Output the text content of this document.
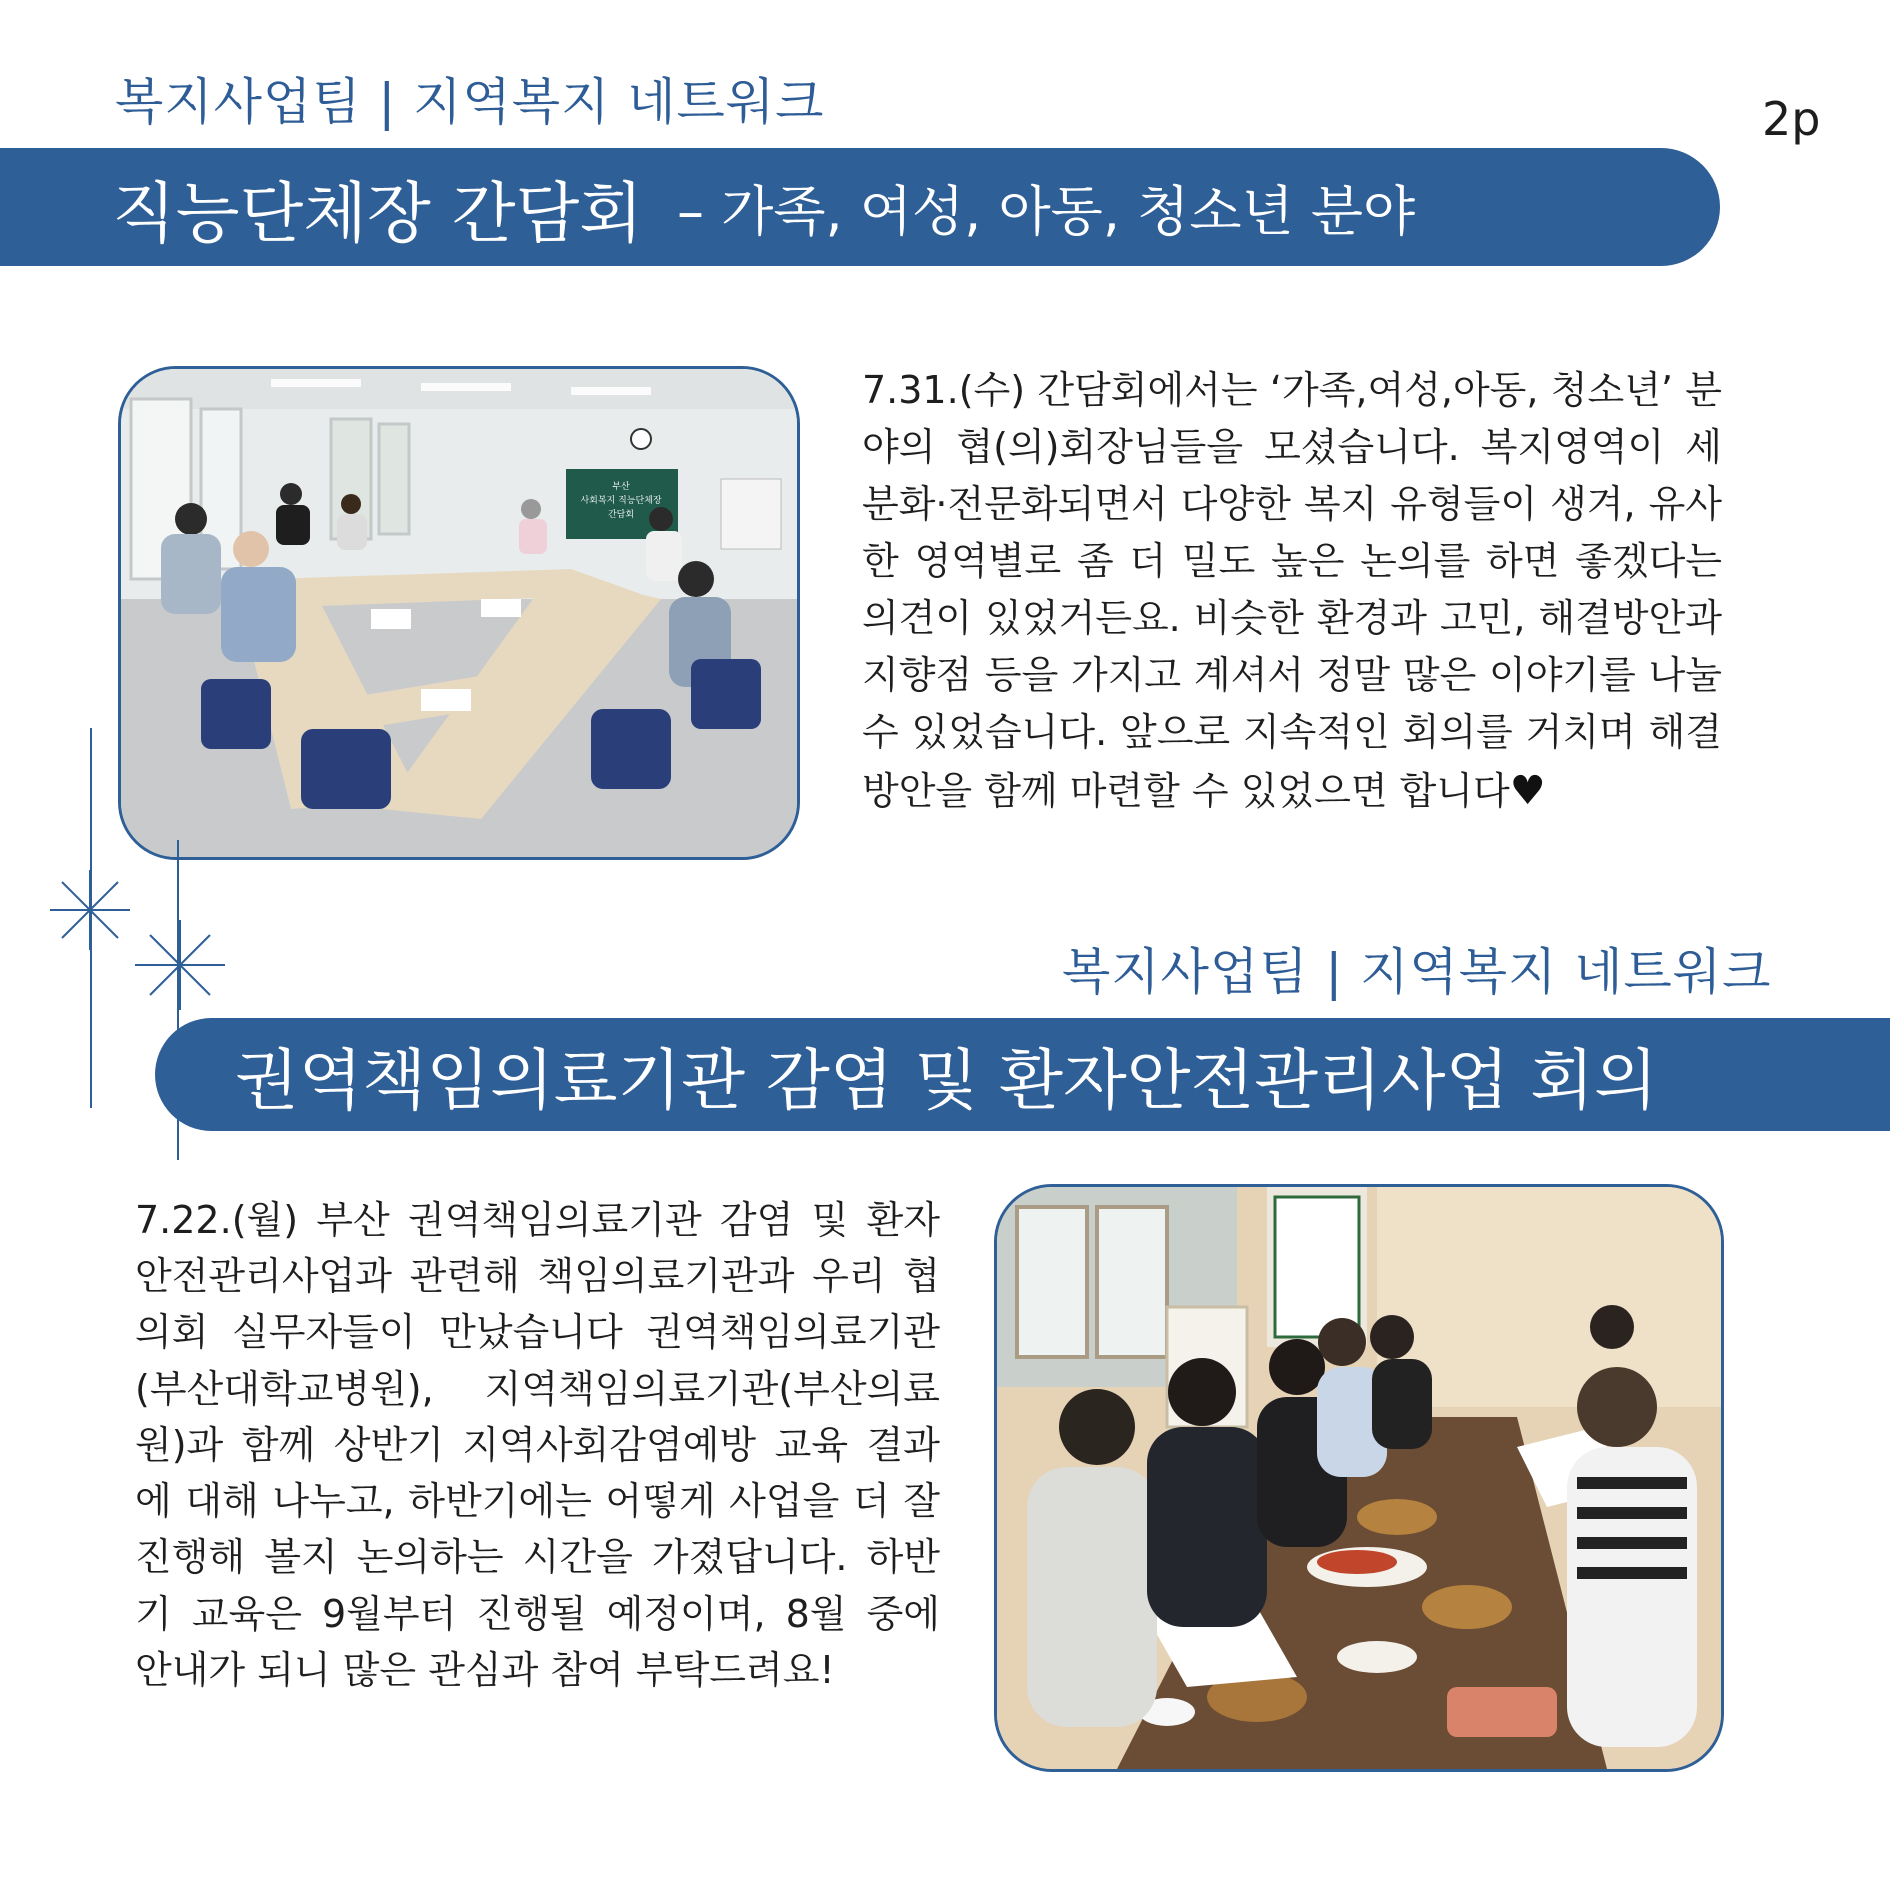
복지사업팀 | 지역복지 네트워크	2p
직능단체장 간담회 – 가족, 여성, 아동, 청소년 분야
부산
사회복지 직능단체장
간담회
7.31.(수) 간담회에서는 ‘가족,여성,아동, 청소년’ 분야의 협(의)회장님들을 모셨습니다. 복지영역이 세분화·전문화되면서 다양한 복지 유형들이 생겨, 유사한 영역별로 좀 더 밀도 높은 논의를 하면 좋겠다는 의견이 있었거든요. 비슷한 환경과 고민, 해결방안과 지향점 등을 가지고 계셔서 정말 많은 이야기를 나눌 수 있었습니다. 앞으로 지속적인 회의를 거치며 해결방안을 함께 마련할 수 있었으면 합니다♥
복지사업팀 | 지역복지 네트워크
권역책임의료기관 감염 및 환자안전관리사업 회의
7.22.(월) 부산 권역책임의료기관 감염 및 환자안전관리사업과 관련해 책임의료기관과 우리 협의회 실무자들이 만났습니다 권역책임의료기관(부산대학교병원), 지역책임의료기관(부산의료원)과 함께 상반기 지역사회감염예방 교육 결과에 대해 나누고, 하반기에는 어떻게 사업을 더 잘 진행해 볼지 논의하는 시간을 가졌답니다. 하반기 교육은 9월부터 진행될 예정이며, 8월 중에 안내가 되니 많은 관심과 참여 부탁드려요!
